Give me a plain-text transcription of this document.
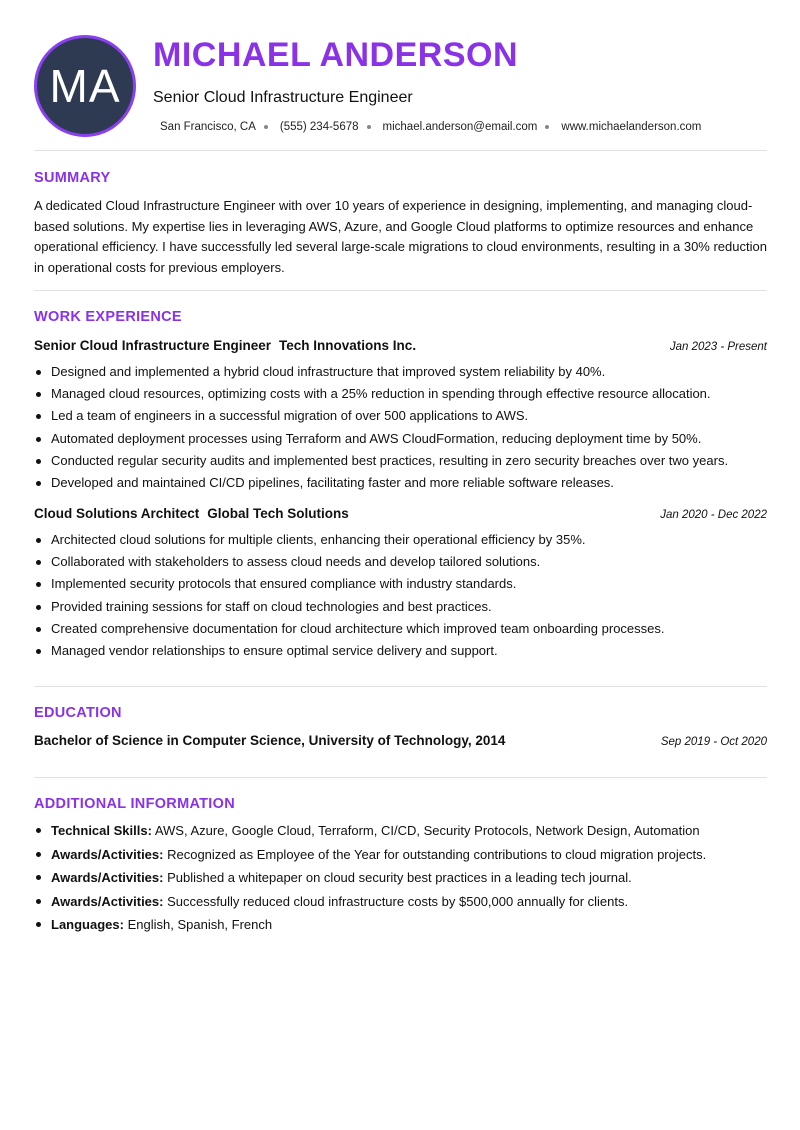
MA
MICHAEL ANDERSON
Senior Cloud Infrastructure Engineer
San Francisco, CA (555) 234-5678 michael.anderson@email.com www.michaelanderson.com
SUMMARY

A dedicated Cloud Infrastructure Engineer with over 10 years of experience in designing, implementing, and managing cloud-based solutions. My expertise lies in leveraging AWS, Azure, and Google Cloud platforms to optimize resources and enhance operational efficiency. I have successfully led several large-scale migrations to cloud environments, resulting in a 30% reduction in operational costs for previous employers.

WORK EXPERIENCE
Senior Cloud Infrastructure Engineer Tech Innovations Inc.	Jan 2023 - Present
Designed and implemented a hybrid cloud infrastructure that improved system reliability by 40%.
Managed cloud resources, optimizing costs with a 25% reduction in spending through effective resource allocation.
Led a team of engineers in a successful migration of over 500 applications to AWS.
Automated deployment processes using Terraform and AWS CloudFormation, reducing deployment time by 50%.
Conducted regular security audits and implemented best practices, resulting in zero security breaches over two years.
Developed and maintained CI/CD pipelines, facilitating faster and more reliable software releases.
Cloud Solutions Architect Global Tech Solutions	Jan 2020 - Dec 2022
Architected cloud solutions for multiple clients, enhancing their operational efficiency by 35%.
Collaborated with stakeholders to assess cloud needs and develop tailored solutions.
Implemented security protocols that ensured compliance with industry standards.
Provided training sessions for staff on cloud technologies and best practices.
Created comprehensive documentation for cloud architecture which improved team onboarding processes.
Managed vendor relationships to ensure optimal service delivery and support.
EDUCATION
Bachelor of Science in Computer Science, University of Technology, 2014	Sep 2019 - Oct 2020
ADDITIONAL INFORMATION
Technical Skills: AWS, Azure, Google Cloud, Terraform, CI/CD, Security Protocols, Network Design, Automation
Awards/Activities: Recognized as Employee of the Year for outstanding contributions to cloud migration projects.
Awards/Activities: Published a whitepaper on cloud security best practices in a leading tech journal.
Awards/Activities: Successfully reduced cloud infrastructure costs by $500,000 annually for clients.
Languages: English, Spanish, French
